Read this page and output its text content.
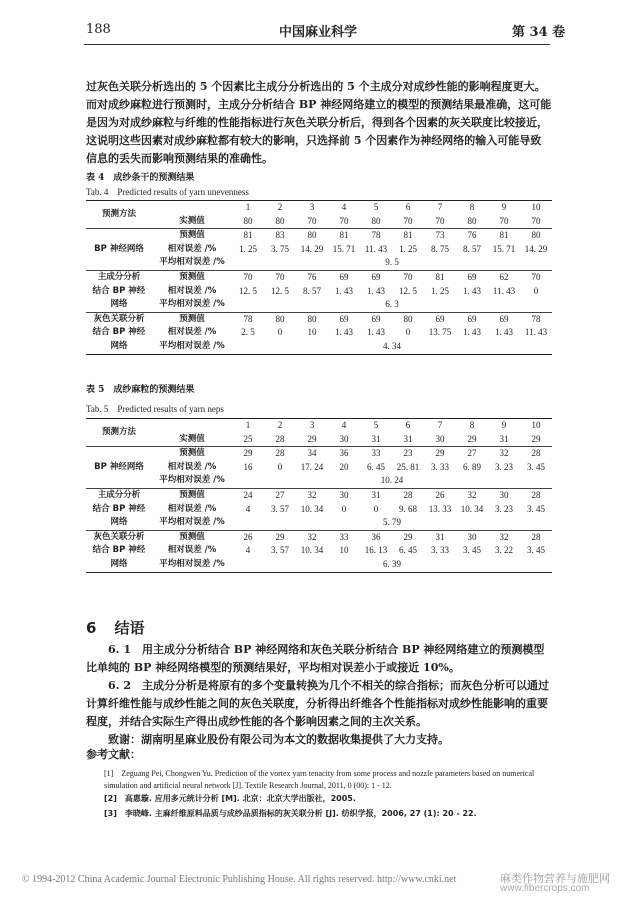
188	中国麻业科学	第 34 卷

过灰色关联分析选出的 5 个因素比主成分分析选出的 5 个主成分对成纱性能的影响程度更大。而对成纱麻粒进行预测时，主成分分析结合 BP 神经网络建立的模型的预测结果最准确，这可能是因为对成纱麻粒与纤维的性能指标进行灰色关联分析后，得到各个因素的灰关联度比较接近，这说明这些因素对成纱麻粒都有较大的影响，只选择前 5 个因素作为神经网络的输入可能导致信息的丢失而影响预测结果的准确性。

表 4　成纱条干的预测结果
Tab. 4　Predicted results of yarn unevenness
预测方法		1	2	3	4	5	6	7	8	9	10
	实测值	80	80	70	70	80	70	70	80	70	70

BP 神经网络	预测值	81	83	80	81	78	81	73	76	81	80
	相对误差 /%	1. 25	3. 75	14. 29	15. 71	11. 43	1. 25	8. 75	8. 57	15. 71	14. 29
	平均相对误差 /%	9. 5									

主成分分析
结合 BP 神经
网络	预测值	70	70	76	69	69	70	81	69	62	70
	相对误差 /%	12. 5	12. 5	8. 57	1. 43	1. 43	12. 5	1. 25	1. 43	11. 43	0
	平均相对误差 /%	6. 3									

灰色关联分析
结合 BP 神经
网络	预测值	78	80	80	69	69	80	69	69	69	78
	相对误差 /%	2. 5	0	10	1. 43	1. 43	0	13. 75	1. 43	1. 43	11. 43
	平均相对误差 /%	4. 34									
表 5　成纱麻粒的预测结果
Tab. 5　Predicted results of yarn neps
预测方法		1	2	3	4	5	6	7	8	9	10
	实测值	25	28	29	30	31	31	30	29	31	29

BP 神经网络	预测值	29	28	34	36	33	23	29	27	32	28
	相对误差 /%	16	0	17. 24	20	6. 45	25. 81	3. 33	6. 89	3. 23	3. 45
	平均相对误差 /%	10. 24									

主成分分析
结合 BP 神经
网络	预测值	24	27	32	30	31	28	26	32	30	28
	相对误差 /%	4	3. 57	10. 34	0	0	9. 68	13. 33	10. 34	3. 23	3. 45
	平均相对误差 /%	5. 79									

灰色关联分析
结合 BP 神经
网络	预测值	26	29	32	33	36	29	31	30	32	28
	相对误差 /%	4	3. 57	10. 34	10	16. 13	6. 45	3. 33	3. 45	3. 22	3. 45
	平均相对误差 /%	6. 39									
6 结语

6. 1　用主成分分析结合 BP 神经网络和灰色关联分析结合 BP 神经网络建立的预测模型比单纯的 BP 神经网络模型的预测结果好，平均相对误差小于或接近 10%。

6. 2　主成分分析是将原有的多个变量转换为几个不相关的综合指标；而灰色分析可以通过计算纤维性能与成纱性能之间的灰色关联度，分析得出纤维各个性能指标对成纱性能影响的重要程度，并结合实际生产得出成纱性能的各个影响因素之间的主次关系。

致谢：湖南明星麻业股份有限公司为本文的数据收集提供了大力支持。

参考文献：
[1]　Zeguang Pei, Chongwen Yu. Prediction of the vortex yarn tenacity from some process and nozzle parameters based on numerical simulation and artificial neural network [J]. Textile Research Journal, 2011, 0 (00): 1 - 12.
[2]　高惠璇. 应用多元统计分析 [M]. 北京：北京大学出版社，2005.
[3]　李晓峰. 主麻纤维原料品质与成纱品质指标的灰关联分析 [J]. 纺织学报，2006, 27 (1): 20 - 22.
© 1994-2012 China Academic Journal Electronic Publishing House. All rights reserved. http://www.cnki.net	麻类作物营养与施肥网
www.fibercrops.com
